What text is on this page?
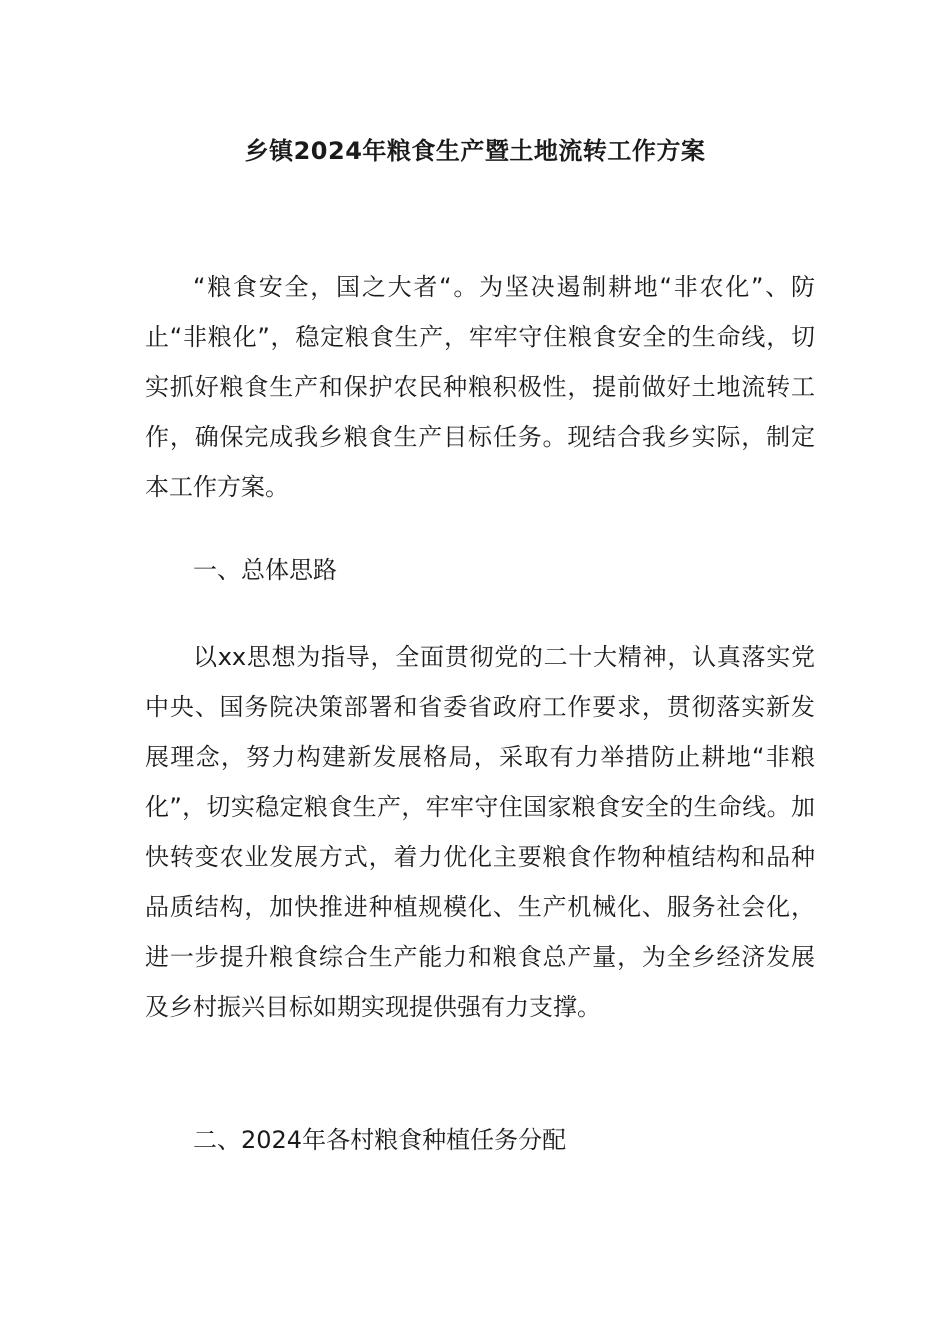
乡镇2024年粮食生产暨土地流转工作方案

“粮食安全，国之大者“。为坚决遏制耕地“非农化”、防止“非粮化”，稳定粮食生产，牢牢守住粮食安全的生命线，切实抓好粮食生产和保护农民种粮积极性，提前做好土地流转工作，确保完成我乡粮食生产目标任务。现结合我乡实际，制定本工作方案。

一、总体思路

以xx思想为指导，全面贯彻党的二十大精神，认真落实党中央、国务院决策部署和省委省政府工作要求，贯彻落实新发展理念，努力构建新发展格局，采取有力举措防止耕地“非粮化”，切实稳定粮食生产，牢牢守住国家粮食安全的生命线。加快转变农业发展方式，着力优化主要粮食作物种植结构和品种品质结构，加快推进种植规模化、生产机械化、服务社会化，进一步提升粮食综合生产能力和粮食总产量，为全乡经济发展及乡村振兴目标如期实现提供强有力支撑。

二、2024年各村粮食种植任务分配
